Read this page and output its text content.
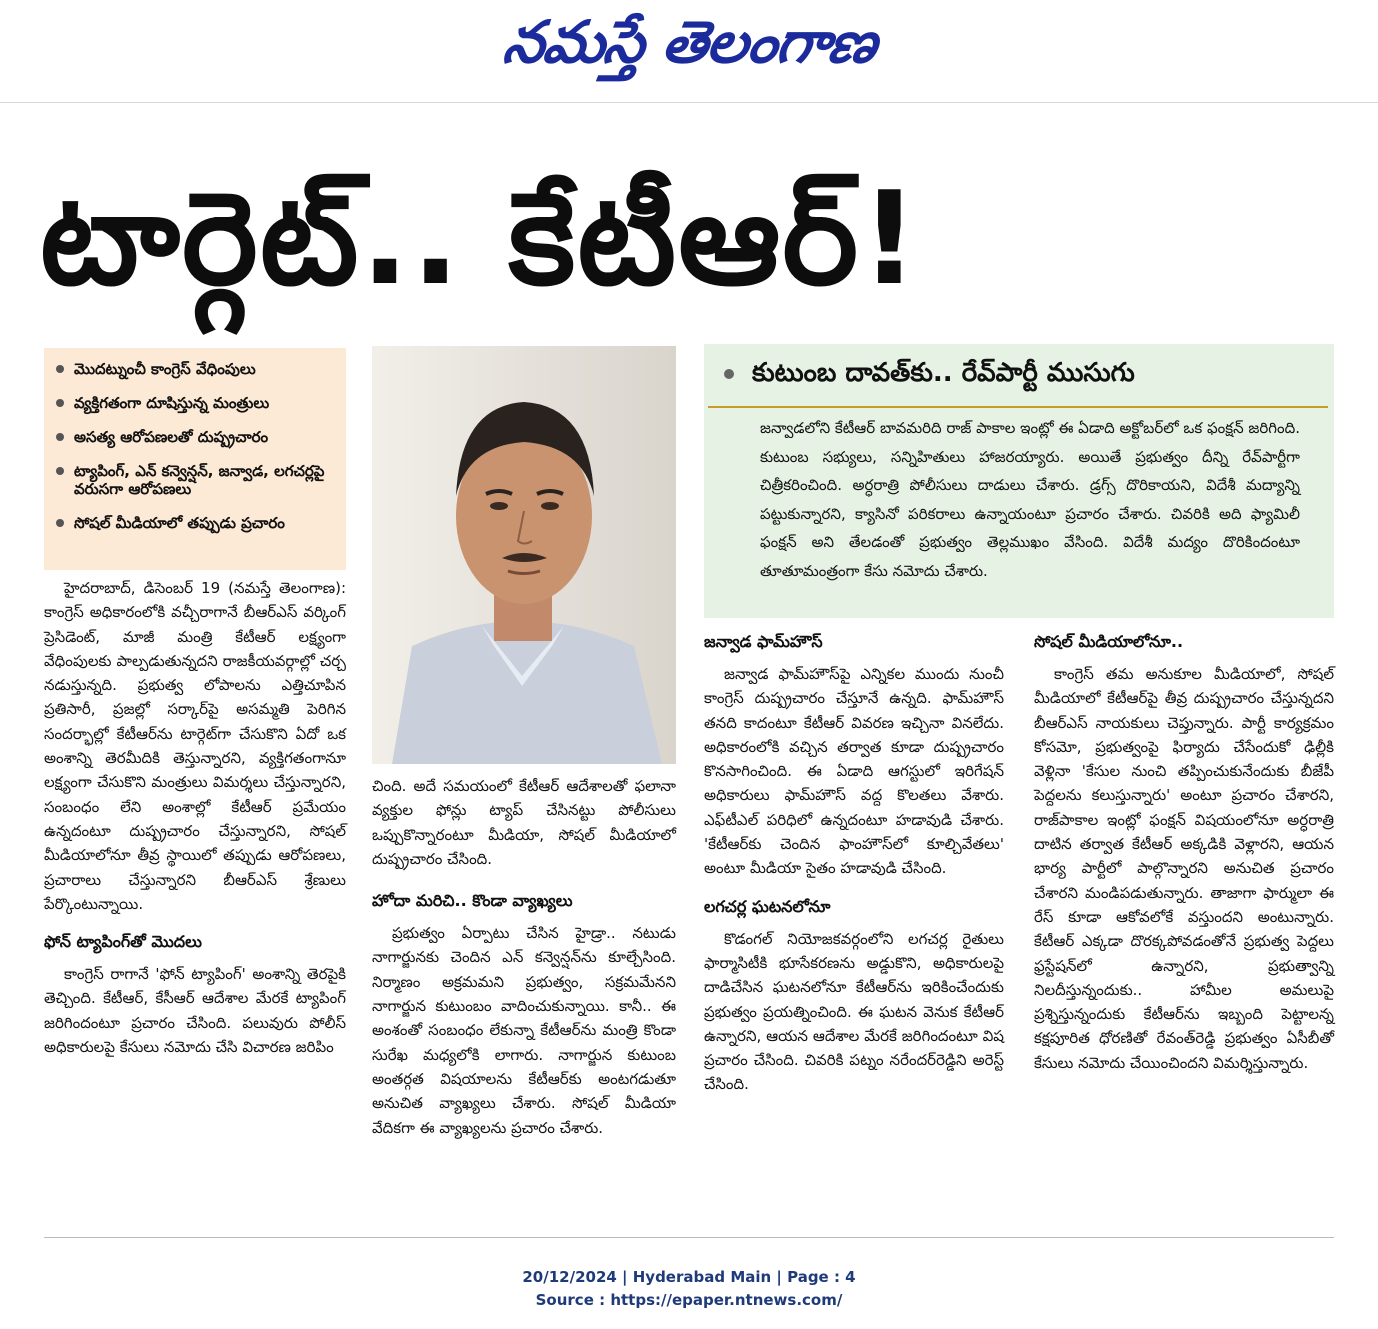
నమస్తే తెలంగాణ
టార్గెట్.. కేటీఆర్!
మొదట్నుంచీ కాంగ్రెస్ వేధింపులు
వ్యక్తిగతంగా దూషిస్తున్న మంత్రులు
అసత్య ఆరోపణలతో దుష్ప్రచారం
ట్యాపింగ్, ఎన్ కన్వెన్షన్, జన్వాడ, లగచర్లపై వరుసగా ఆరోపణలు
సోషల్ మీడియాలో తప్పుడు ప్రచారం

హైదరాబాద్, డిసెంబర్ 19 (నమస్తే తెలంగాణ): కాంగ్రెస్ అధికారంలోకి వచ్చీరాగానే బీఆర్‌ఎస్ వర్కింగ్ ప్రెసిడెంట్, మాజీ మంత్రి కేటీఆర్ లక్ష్యంగా వేధింపులకు పాల్పడుతున్నదని రాజకీయవర్గాల్లో చర్చ నడుస్తున్నది. ప్రభుత్వ లోపాలను ఎత్తిచూపిన ప్రతిసారీ, ప్రజల్లో సర్కార్‌పై అసమ్మతి పెరిగిన సందర్భాల్లో కేటీఆర్‌ను టార్గెట్‌గా చేసుకొని ఏదో ఒక అంశాన్ని తెరమీదికి తెస్తున్నారని, వ్యక్తిగతంగానూ లక్ష్యంగా చేసుకొని మంత్రులు విమర్శలు చేస్తున్నారని, సంబంధం లేని అంశాల్లో కేటీఆర్ ప్రమేయం ఉన్నదంటూ దుష్ప్రచారం చేస్తున్నారని, సోషల్ మీడియాలోనూ తీవ్ర స్థాయిలో తప్పుడు ఆరోపణలు, ప్రచారాలు చేస్తున్నారని బీఆర్‌ఎస్ శ్రేణులు పేర్కొంటున్నాయి.

ఫోన్ ట్యాపింగ్‌తో మొదలు

కాంగ్రెస్ రాగానే 'ఫోన్ ట్యాపింగ్' అంశాన్ని తెరపైకి తెచ్చింది. కేటీఆర్, కేసీఆర్ ఆదేశాల మేరకే ట్యాపింగ్ జరిగిందంటూ ప్రచారం చేసింది. పలువురు పోలీస్ అధికారులపై కేసులు నమోదు చేసి విచారణ జరిపిం

చింది. అదే సమయంలో కేటీఆర్ ఆదేశాలతో ఫలానా వ్యక్తుల ఫోన్లు ట్యాప్ చేసినట్టు పోలీసులు ఒప్పుకొన్నారంటూ మీడియా, సోషల్ మీడియాలో దుష్ప్రచారం చేసింది.

హోదా మరిచి.. కొండా వ్యాఖ్యలు

ప్రభుత్వం ఏర్పాటు చేసిన హైడ్రా.. నటుడు నాగార్జునకు చెందిన ఎన్ కన్వెన్షన్‌ను కూల్చేసింది. నిర్మాణం అక్రమమని ప్రభుత్వం, సక్రమమేనని నాగార్జున కుటుంబం వాదించుకున్నాయి. కానీ.. ఈ అంశంతో సంబంధం లేకున్నా కేటీఆర్‌ను మంత్రి కొండా సురేఖ మధ్యలోకి లాగారు. నాగార్జున కుటుంబ అంతర్గత విషయాలను కేటీఆర్‌కు అంటగడుతూ అనుచిత వ్యాఖ్యలు చేశారు. సోషల్ మీడియా వేదికగా ఈ వ్యాఖ్యలను ప్రచారం చేశారు.

కుటుంబ దావత్‌కు.. రేవ్‌పార్టీ ముసుగు
జన్వాడలోని కేటీఆర్ బావమరిది రాజ్ పాకాల ఇంట్లో ఈ ఏడాది అక్టోబర్‌లో ఒక ఫంక్షన్ జరిగింది. కుటుంబ సభ్యులు, సన్నిహితులు హాజరయ్యారు. అయితే ప్రభుత్వం దీన్ని రేవ్‌పార్టీగా చిత్రీకరించింది. అర్ధరాత్రి పోలీసులు దాడులు చేశారు. డ్రగ్స్ దొరికాయని, విదేశీ మద్యాన్ని పట్టుకున్నారని, క్యాసినో పరికరాలు ఉన్నాయంటూ ప్రచారం చేశారు. చివరికి అది ఫ్యామిలీ ఫంక్షన్ అని తేలడంతో ప్రభుత్వం తెల్లముఖం వేసింది. విదేశీ మద్యం దొరికిందంటూ తూతూమంత్రంగా కేసు నమోదు చేశారు.
జన్వాడ ఫామ్‌హౌస్

జన్వాడ ఫామ్‌హౌస్‌పై ఎన్నికల ముందు నుంచీ కాంగ్రెస్ దుష్ప్రచారం చేస్తూనే ఉన్నది. ఫామ్‌హౌస్ తనది కాదంటూ కేటీఆర్ వివరణ ఇచ్చినా వినలేదు. అధికారంలోకి వచ్చిన తర్వాత కూడా దుష్ప్రచారం కొనసాగించింది. ఈ ఏడాది ఆగస్టులో ఇరిగేషన్ అధికారులు ఫామ్‌హౌస్ వద్ద కొలతలు వేశారు. ఎఫ్‌టీఎల్ పరిధిలో ఉన్నదంటూ హడావుడి చేశారు. 'కేటీఆర్‌కు చెందిన ఫాంహౌస్‌లో కూల్చివేతలు' అంటూ మీడియా సైతం హడావుడి చేసింది.

లగచర్ల ఘటనలోనూ

కొడంగల్ నియోజకవర్గంలోని లగచర్ల రైతులు ఫార్మాసిటీకి భూసేకరణను అడ్డుకొని, అధికారులపై దాడిచేసిన ఘటనలోనూ కేటీఆర్‌ను ఇరికించేందుకు ప్రభుత్వం ప్రయత్నించింది. ఈ ఘటన వెనుక కేటీఆర్ ఉన్నారని, ఆయన ఆదేశాల మేరకే జరిగిందంటూ విష ప్రచారం చేసింది. చివరికి పట్నం నరేందర్‌రెడ్డిని అరెస్ట్ చేసింది.

సోషల్ మీడియాలోనూ..

కాంగ్రెస్ తమ అనుకూల మీడియాలో, సోషల్ మీడియాలో కేటీఆర్‌పై తీవ్ర దుష్ప్రచారం చేస్తున్నదని బీఆర్‌ఎస్ నాయకులు చెప్తున్నారు. పార్టీ కార్యక్రమం కోసమో, ప్రభుత్వంపై ఫిర్యాదు చేసేందుకో ఢిల్లీకి వెళ్లినా 'కేసుల నుంచి తప్పించుకునేందుకు బీజేపీ పెద్దలను కలుస్తున్నారు' అంటూ ప్రచారం చేశారని, రాజ్‌పాకాల ఇంట్లో ఫంక్షన్ విషయంలోనూ అర్ధరాత్రి దాటిన తర్వాత కేటీఆర్ అక్కడికి వెళ్లారని, ఆయన భార్య పార్టీలో పాల్గొన్నారని అనుచిత ప్రచారం చేశారని మండిపడుతున్నారు. తాజాగా ఫార్ములా ఈ రేస్ కూడా ఆకోవలోకే వస్తుందని అంటున్నారు. కేటీఆర్ ఎక్కడా దొరక్కపోవడంతోనే ప్రభుత్వ పెద్దలు ఫ్రస్టేషన్‌లో ఉన్నారని, ప్రభుత్వాన్ని నిలదీస్తున్నందుకు.. హామీల అమలుపై ప్రశ్నిస్తున్నందుకు కేటీఆర్‌ను ఇబ్బంది పెట్టాలన్న కక్షపూరిత ధోరణితో రేవంత్‌రెడ్డి ప్రభుత్వం ఏసీబీతో కేసులు నమోదు చేయించిందని విమర్శిస్తున్నారు.

20/12/2024 | Hyderabad Main | Page : 4
Source : https://epaper.ntnews.com/
